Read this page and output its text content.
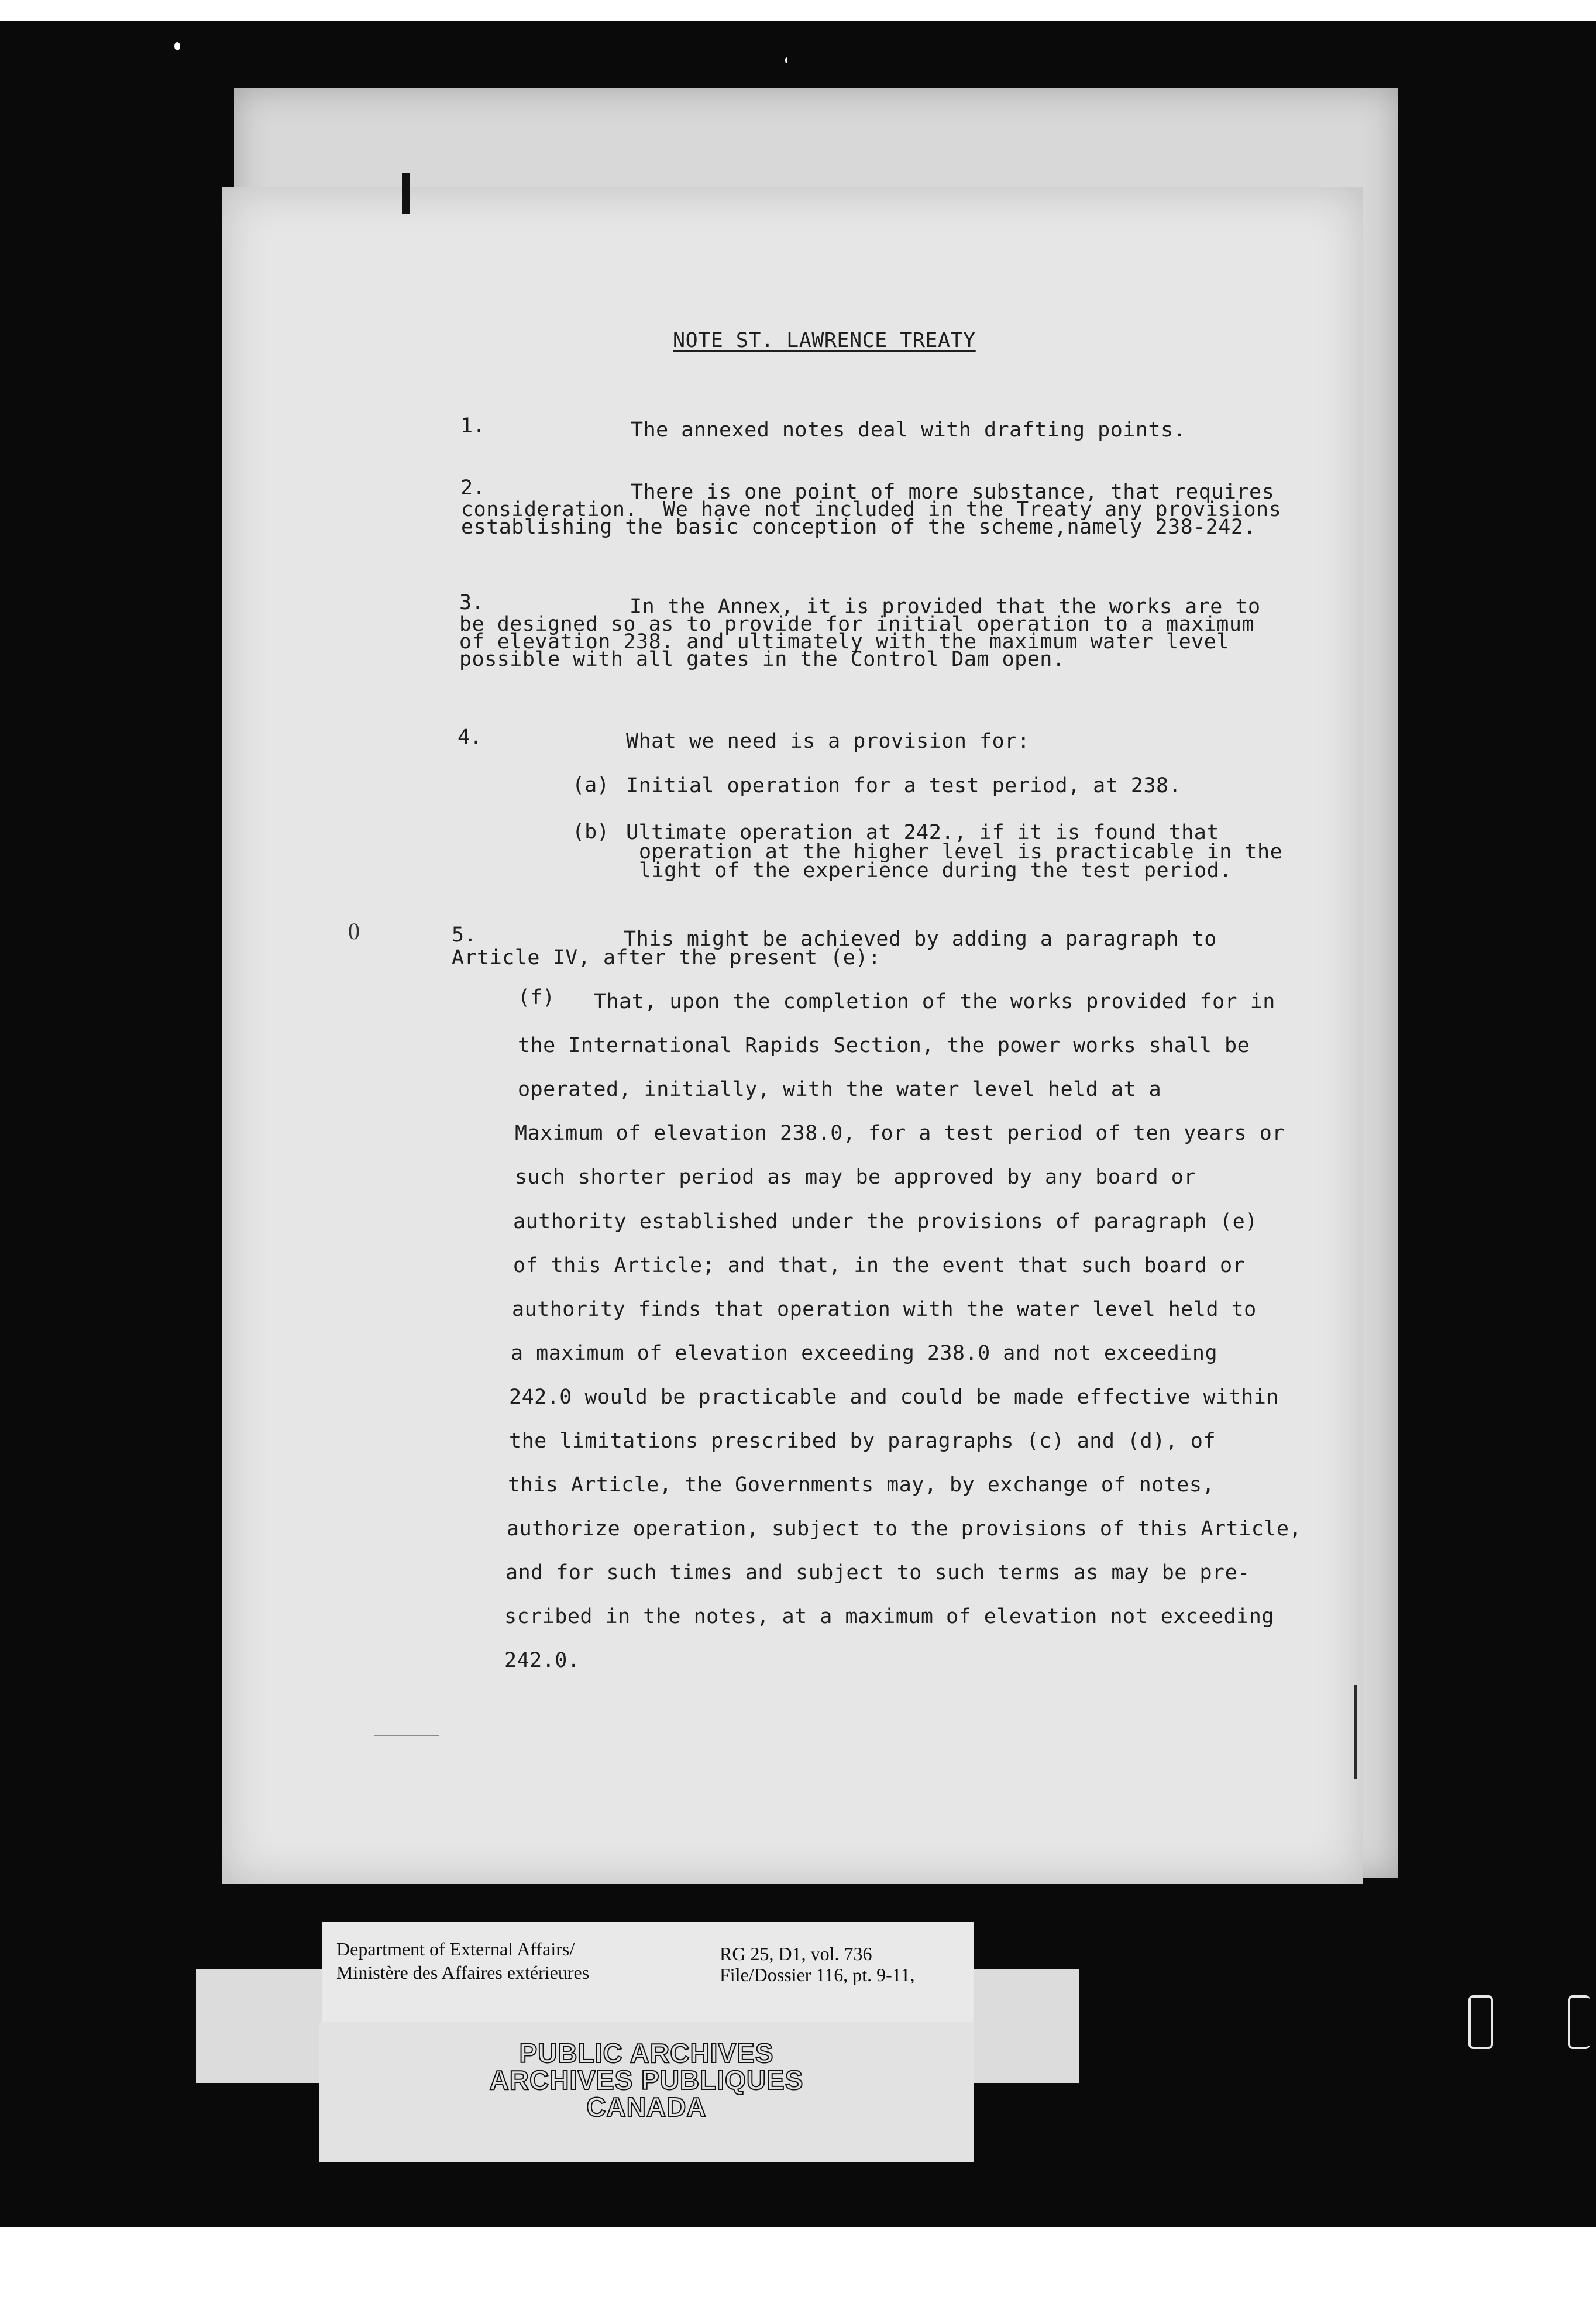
NOTE ST. LAWRENCE TREATY
1.	The annexed notes deal with drafting points.
2.	There is one point of more substance, that requires
consideration.  We have not included in the Treaty any provisions
establishing the basic conception of the scheme,namely 238-242.
3.	In the Annex, it is provided that the works are to
be designed so as to provide for initial operation to a maximum
of elevation 238. and ultimately with the maximum water level
possible with all gates in the Control Dam open.
4.	What we need is a provision for:
(a) Initial operation for a test period, at 238.
(b) Ultimate operation at 242., if it is found that
operation at the higher level is practicable in the
light of the experience during the test period.
5.	This might be achieved by adding a paragraph to
Article IV, after the present (e):
(f) That, upon the completion of the works provided for in
the International Rapids Section, the power works shall be
operated, initially, with the water level held at a
Maximum of elevation 238.0, for a test period of ten years or
such shorter period as may be approved by any board or
authority established under the provisions of paragraph (e)
of this Article; and that, in the event that such board or
authority finds that operation with the water level held to
a maximum of elevation exceeding 238.0 and not exceeding
242.0 would be practicable and could be made effective within
the limitations prescribed by paragraphs (c) and (d), of
this Article, the Governments may, by exchange of notes,
authorize operation, subject to the provisions of this Article,
and for such times and subject to such terms as may be pre-
scribed in the notes, at a maximum of elevation not exceeding
242.0.
0
Department of External Affairs/
Ministère des Affaires extérieures
RG 25, D1, vol. 736
File/Dossier 116, pt. 9-11,
PUBLIC ARCHIVES
ARCHIVES PUBLIQUES
CANADA
